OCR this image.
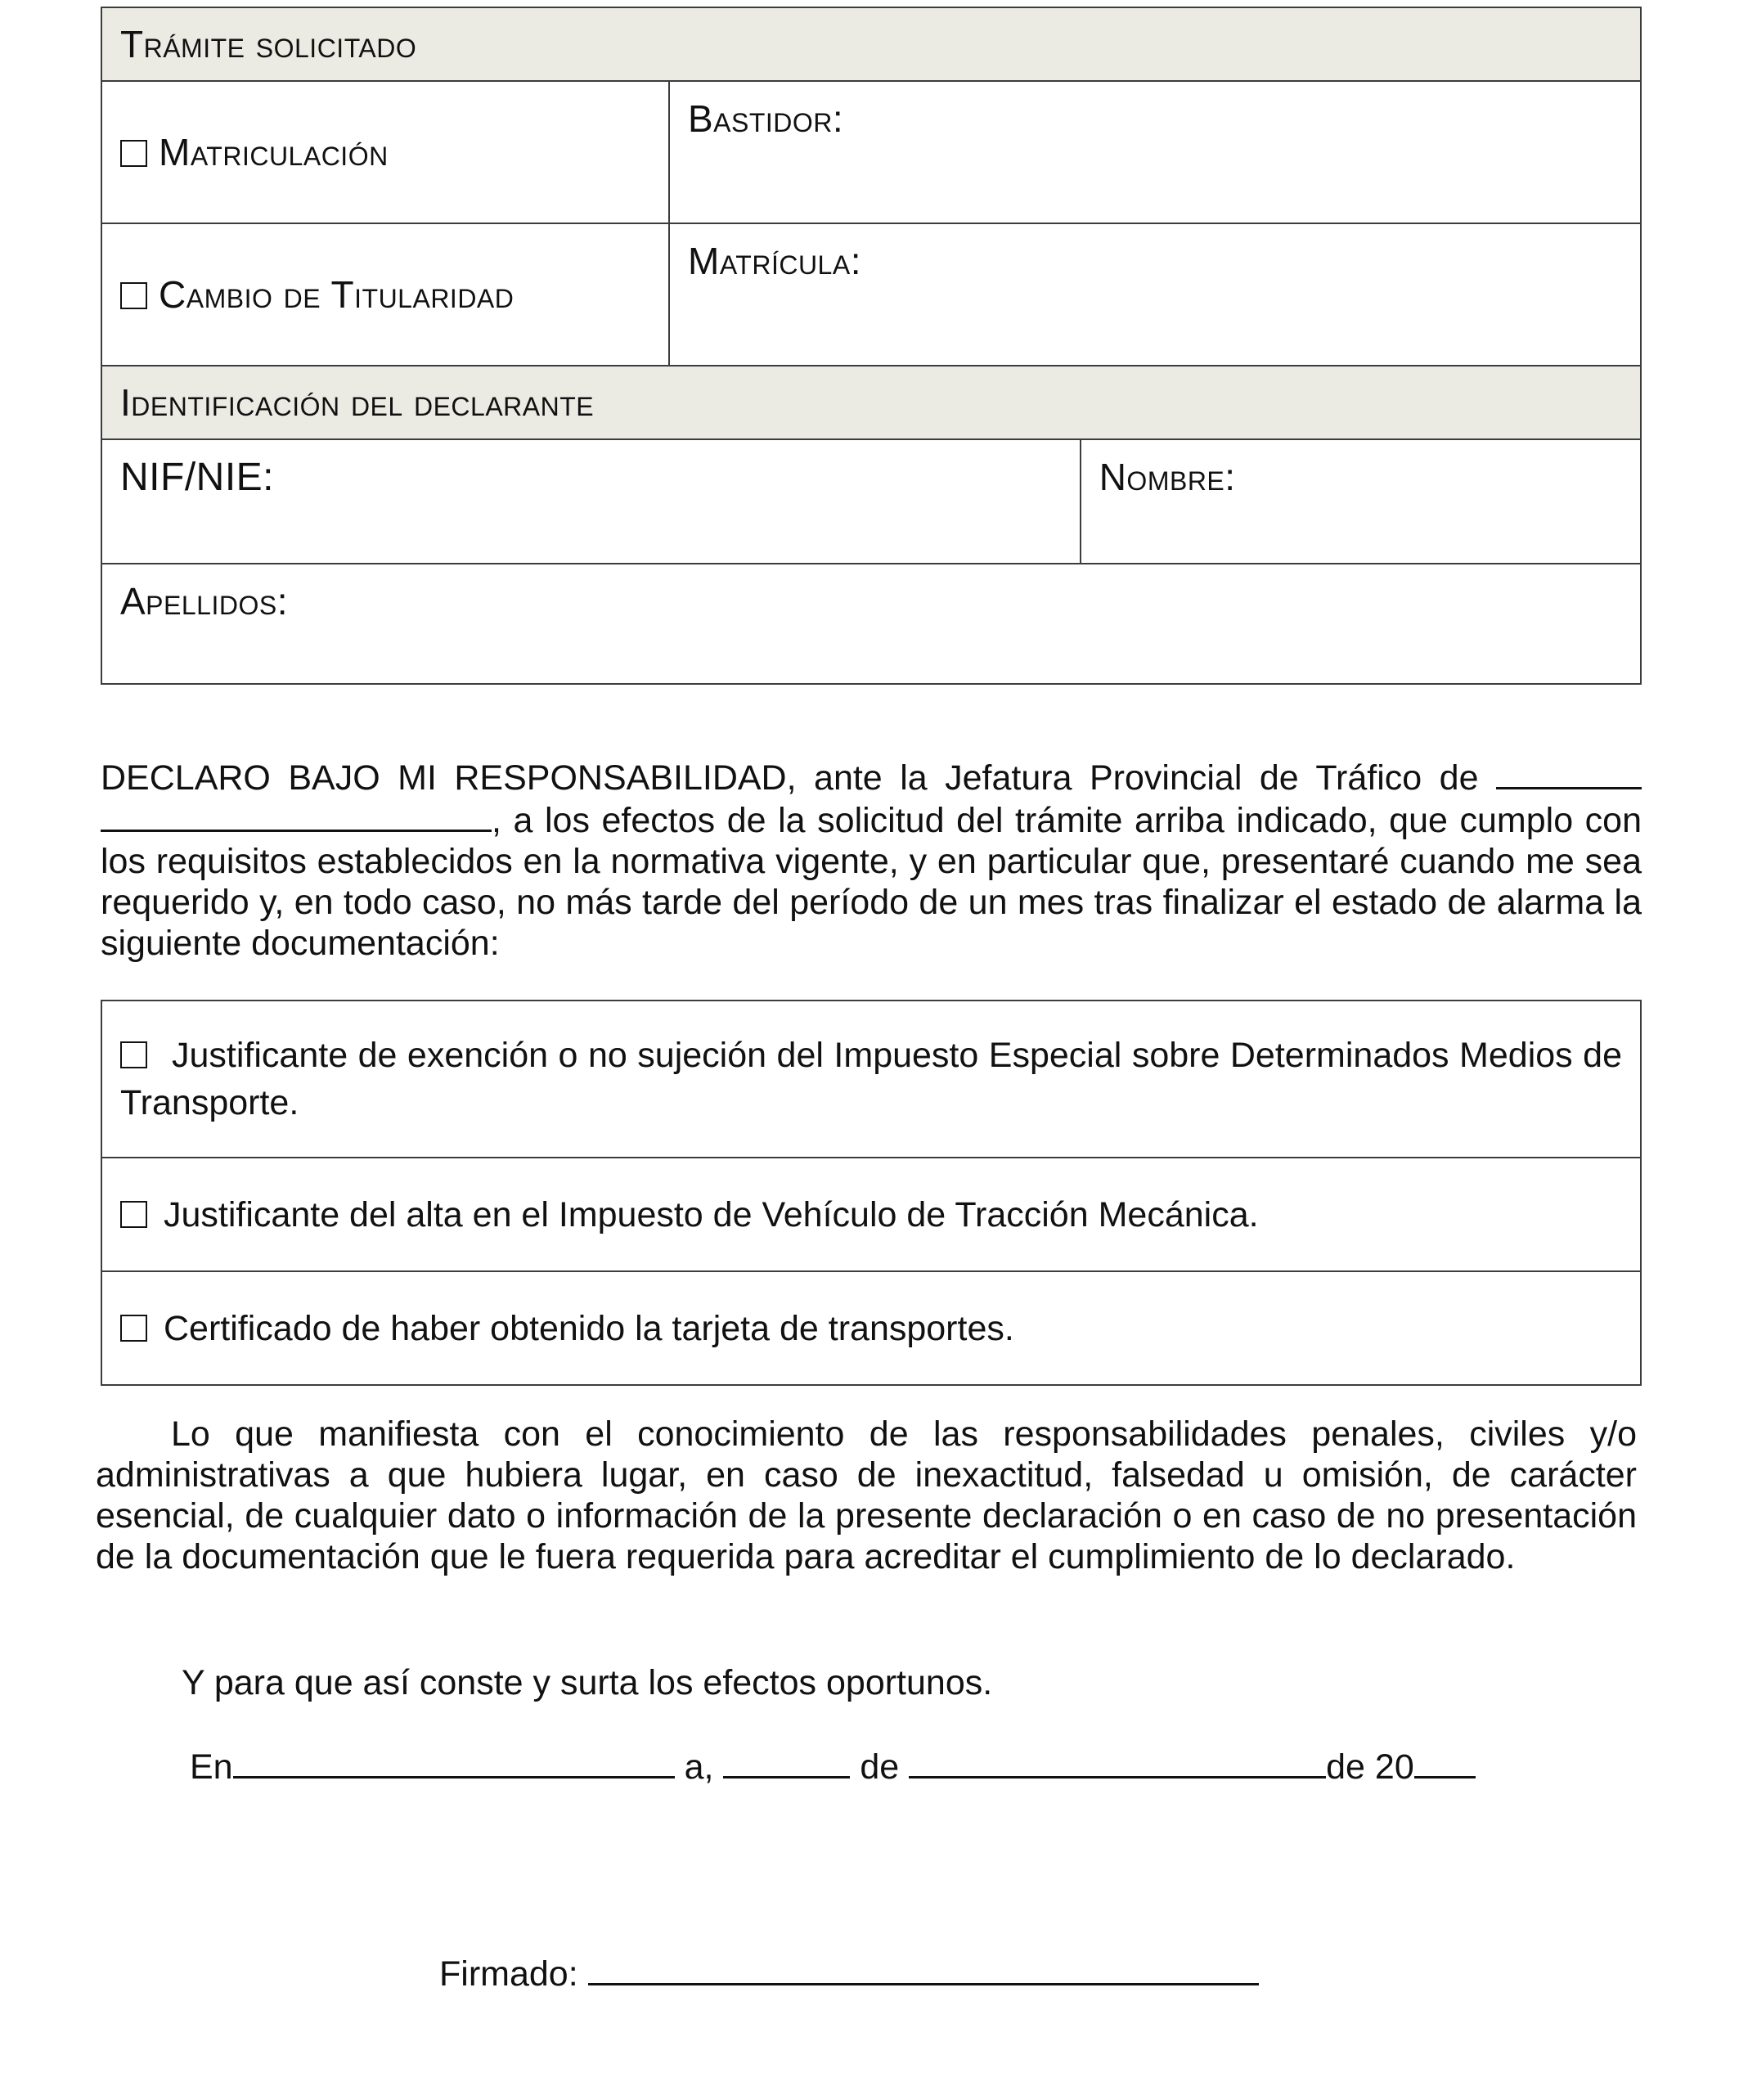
Trámite solicitado		
Matriculación	Bastidor:	

Cambio de Titularidad	Matrícula:	

Identificación del declarante		

NIF/NIE:		Nombre:

Apellidos:		
DECLARO BAJO MI RESPONSABILIDAD, ante la Jefatura Provincial de Tráfico de  , a los efectos de la solicitud del trámite arriba indicado, que cumplo con los requisitos establecidos en la normativa vigente, y en particular que, presentaré cuando me sea requerido y, en todo caso, no más tarde del período de un mes tras finalizar el estado de alarma la siguiente documentación:
Justificante de exención o no sujeción del Impuesto Especial sobre Determinados Medios de Transporte.
Justificante del alta en el Impuesto de Vehículo de Tracción Mecánica.
Certificado de haber obtenido la tarjeta de transportes.
Lo que manifiesta con el conocimiento de las responsabilidades penales, civiles y/o administrativas a que hubiera lugar, en caso de inexactitud, falsedad u omisión, de carácter esencial, de cualquier dato o información de la presente declaración o en caso de no presentación de la documentación que le fuera requerida para acreditar el cumplimiento de lo declarado.
Y para que así conste y surta los efectos oportunos.
En	a,	de	de 20
Firmado:
